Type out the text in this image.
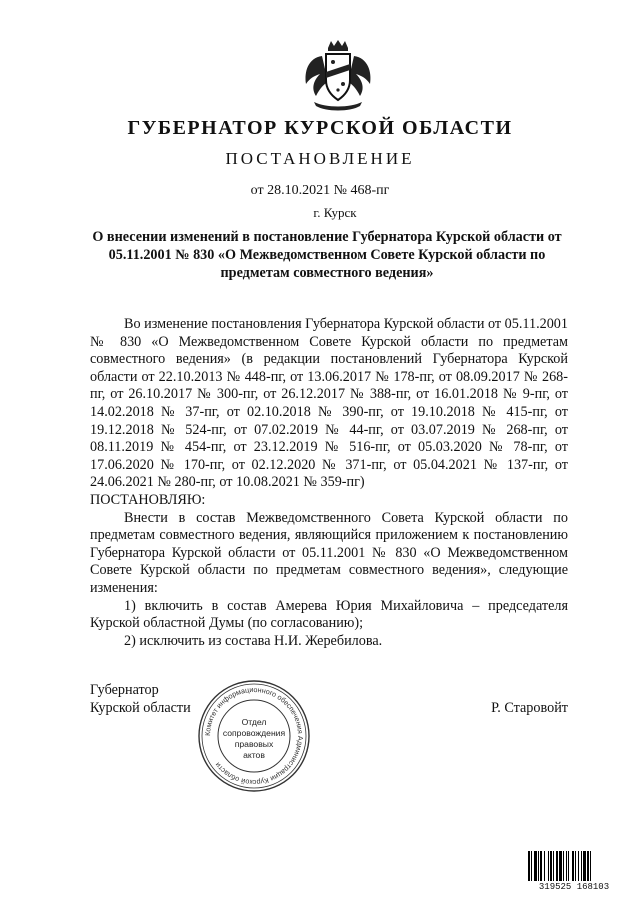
ГУБЕРНАТОР КУРСКОЙ ОБЛАСТИ
ПОСТАНОВЛЕНИЕ
от 28.10.2021 № 468-пг
г. Курск
О внесении изменений в постановление Губернатора Курской области от 05.11.2001 № 830 «О Межведомственном Совете Курской области по предметам совместного ведения»

Во изменение постановления Губернатора Курской области от 05.11.2001 № 830 «О Межведомственном Совете Курской области по предметам совместного ведения» (в редакции постановлений Губернатора Курской области от 22.10.2013 № 448-пг, от 13.06.2017 № 178-пг, от 08.09.2017 № 268-пг, от 26.10.2017 № 300-пг, от 26.12.2017 № 388-пг, от 16.01.2018 № 9-пг, от 14.02.2018 № 37-пг, от 02.10.2018 № 390-пг, от 19.10.2018 № 415-пг, от 19.12.2018 № 524-пг, от 07.02.2019 № 44-пг, от 03.07.2019 № 268-пг, от 08.11.2019 № 454-пг, от 23.12.2019 № 516-пг, от 05.03.2020 № 78-пг, от 17.06.2020 № 170-пг, от 02.12.2020 № 371-пг, от 05.04.2021 № 137-пг, от 24.06.2021 № 280-пг, от 10.08.2021 № 359-пг)

ПОСТАНОВЛЯЮ:

Внести в состав Межведомственного Совета Курской области по предметам совместного ведения, являющийся приложением к постановлению Губернатора Курской области от 05.11.2001 № 830 «О Межведомственном Совете Курской области по предметам совместного ведения», следующие изменения:

1) включить в состав Амерева Юрия Михайловича – председателя Курской областной Думы (по согласованию);

2) исключить из состава Н.И. Жеребилова.

Губернатор
Курской области	Р. Старовойт
Комитет информационного обеспечения Администрации Курской области
Отдел
сопровождения
правовых
актов
319525 168103
